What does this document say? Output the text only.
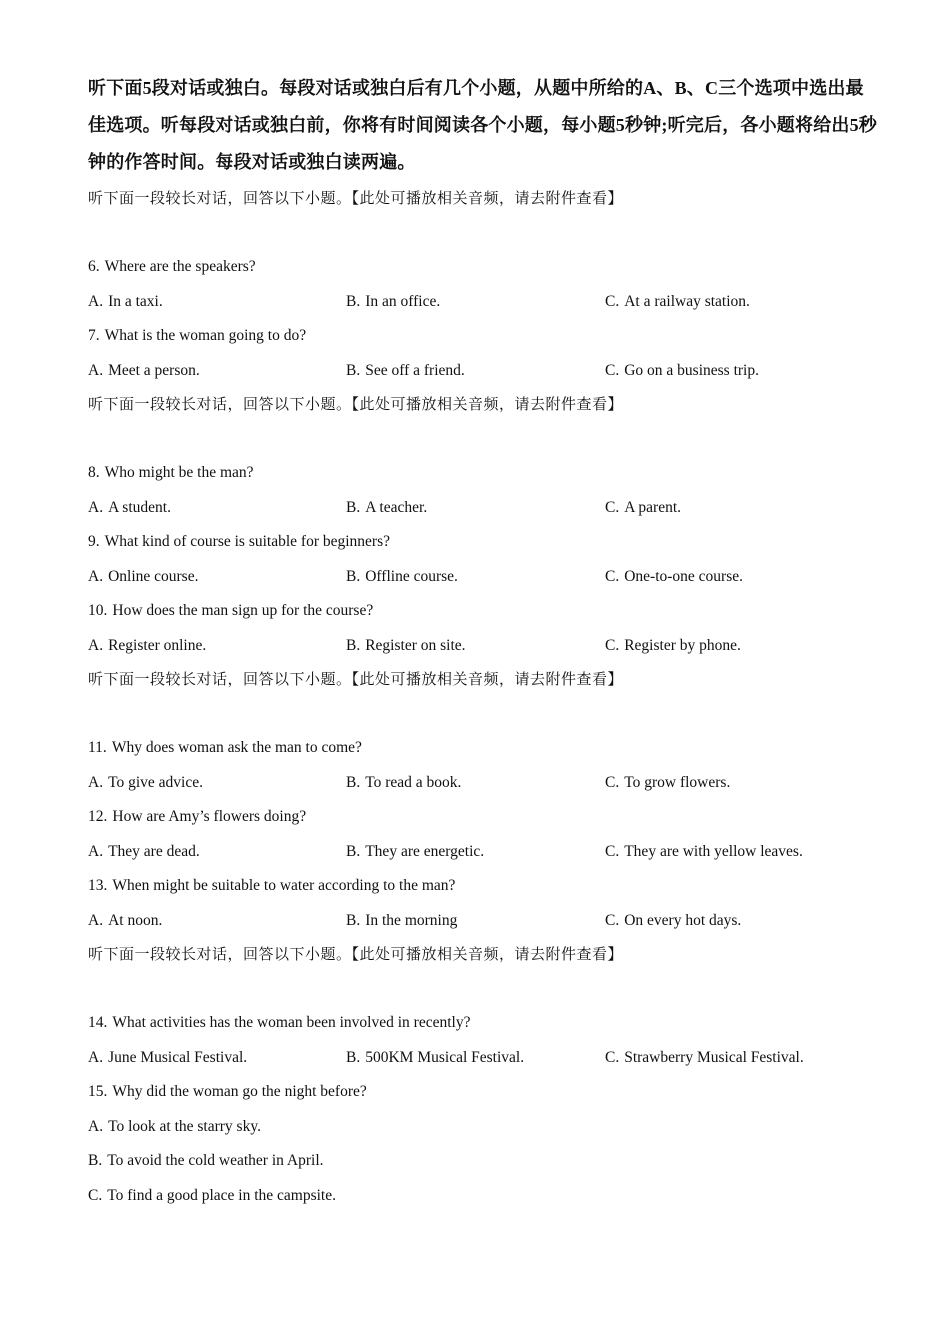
听下面5段对话或独白。每段对话或独白后有几个小题，从题中所给的A、B、C三个选项中选出最佳选项。听每段对话或独白前，你将有时间阅读各个小题，每小题5秒钟;听完后，各小题将给出5秒钟的作答时间。每段对话或独白读两遍。
听下面一段较长对话，回答以下小题。【此处可播放相关音频，请去附件查看】
6. Where are the speakers?
A. In a taxi.	B. In an office.	C. At a railway station.
7. What is the woman going to do?
A. Meet a person.	B. See off a friend.	C. Go on a business trip.
听下面一段较长对话，回答以下小题。【此处可播放相关音频，请去附件查看】
8. Who might be the man?
A. A student.	B. A teacher.	C. A parent.
9. What kind of course is suitable for beginners?
A. Online course.	B. Offline course.	C. One-to-one course.
10. How does the man sign up for the course?
A. Register online.	B. Register on site.	C. Register by phone.
听下面一段较长对话，回答以下小题。【此处可播放相关音频，请去附件查看】
11. Why does woman ask the man to come?
A. To give advice.	B. To read a book.	C. To grow flowers.
12. How are Amy’s flowers doing?
A. They are dead.	B. They are energetic.	C. They are with yellow leaves.
13. When might be suitable to water according to the man?
A. At noon.	B. In the morning	C. On every hot days.
听下面一段较长对话，回答以下小题。【此处可播放相关音频，请去附件查看】
14. What activities has the woman been involved in recently?
A. June Musical Festival.	B. 500KM Musical Festival.	C. Strawberry Musical Festival.
15. Why did the woman go the night before?
A. To look at the starry sky.
B. To avoid the cold weather in April.
C. To find a good place in the campsite.
